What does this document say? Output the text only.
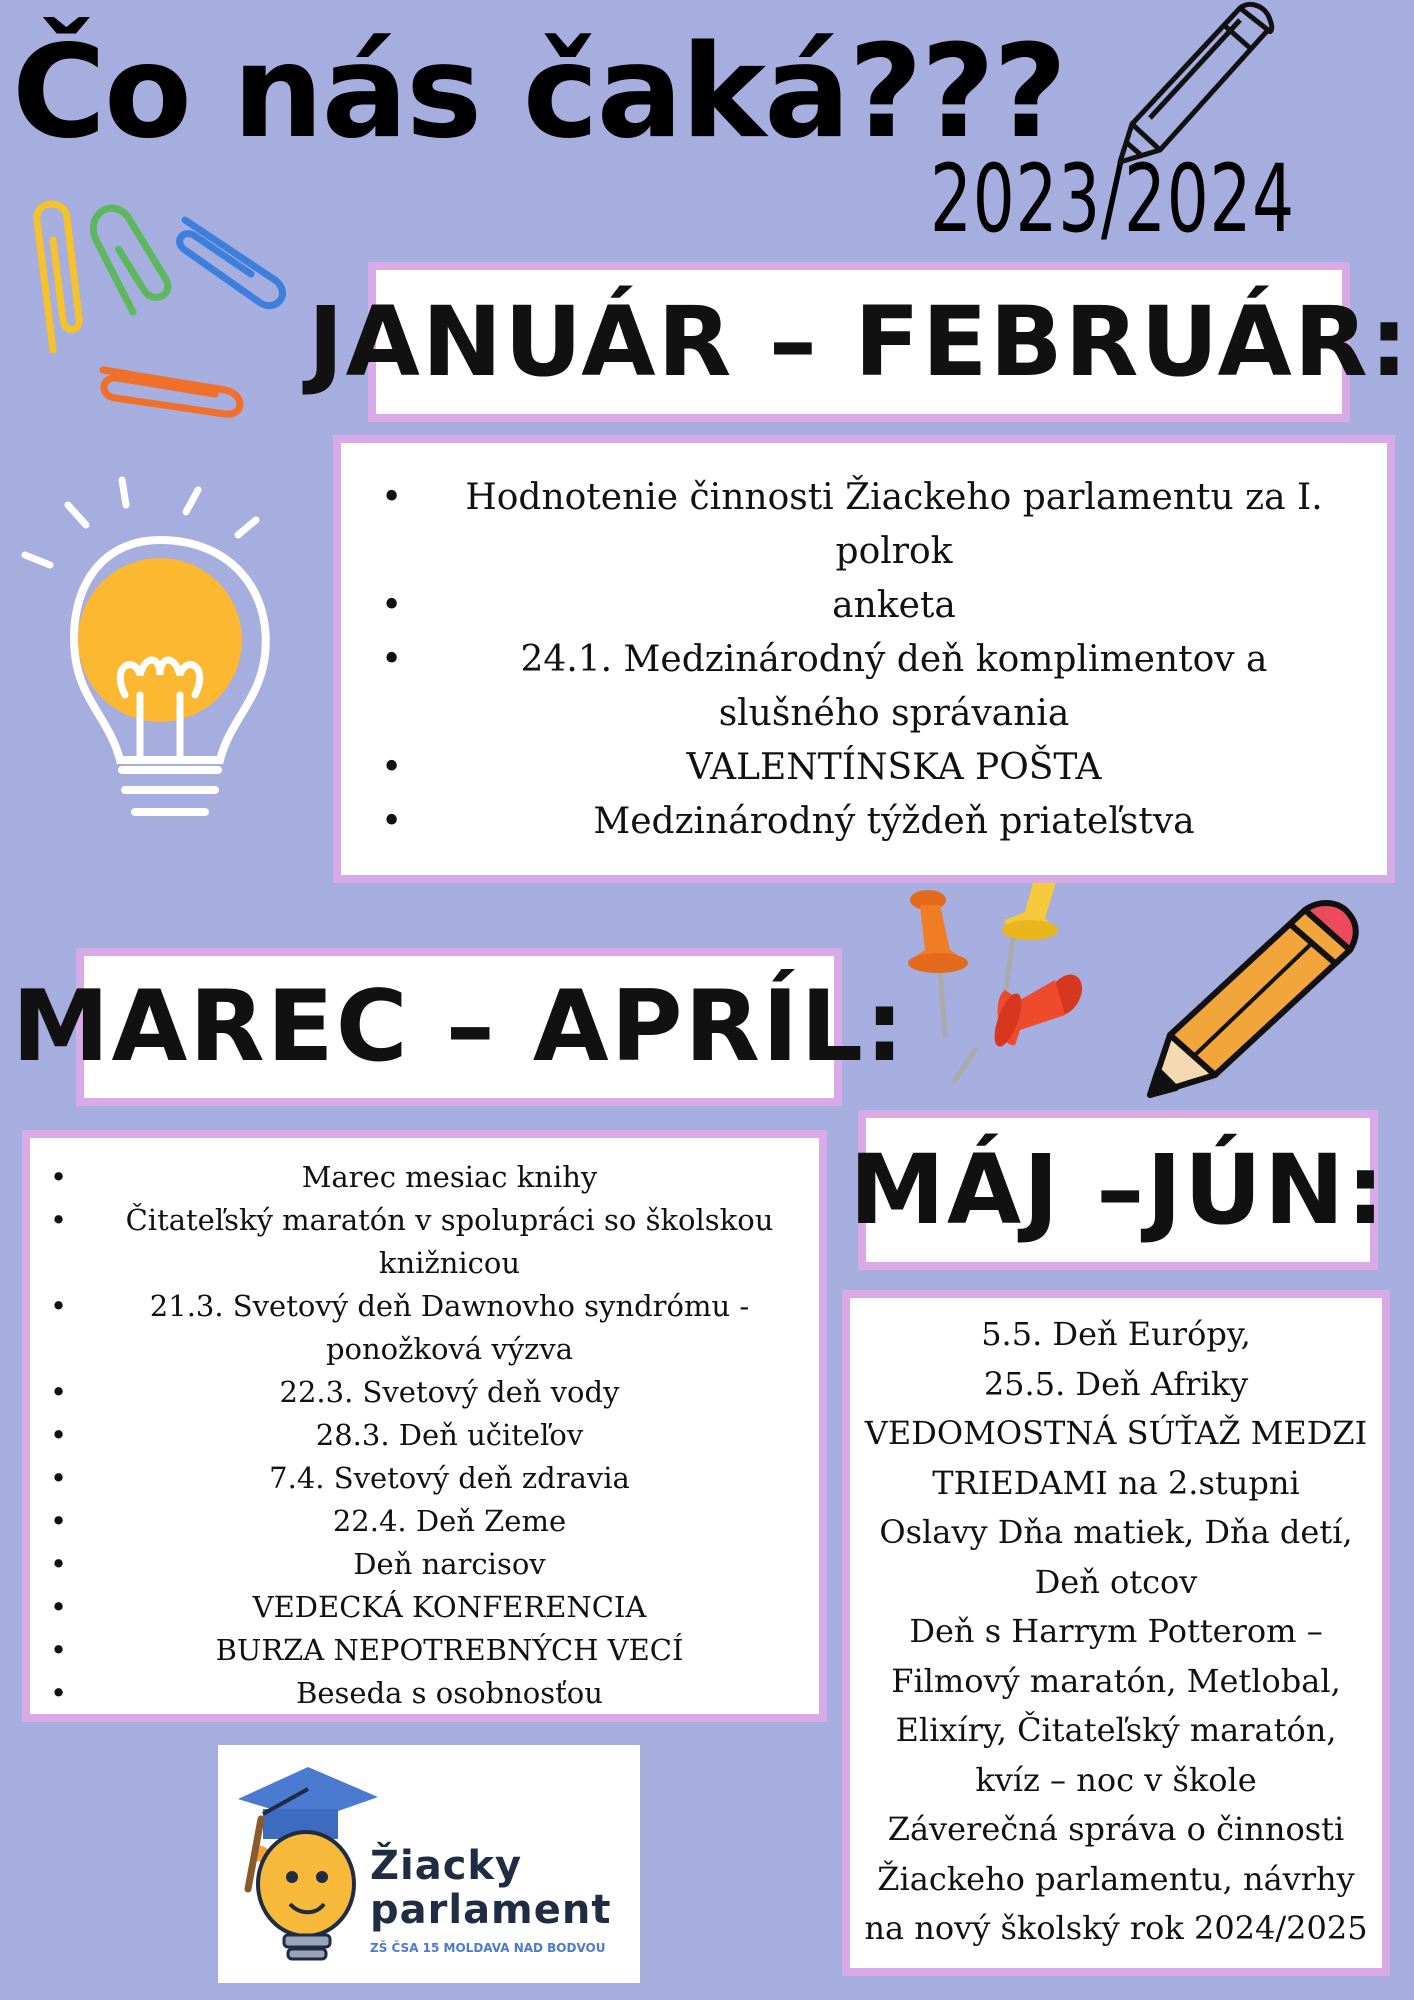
Čo nás čaká???
2023/2024
JANUÁR – FEBRUÁR:
• Hodnotenie činnosti Žiackeho parlamentu za I. polrok
• anketa
• 24.1. Medzinárodný deň komplimentov a slušného správania
• VALENTÍNSKA POŠTA
• Medzinárodný týždeň priateľstva
MAREC – APRÍL:
• Marec mesiac knihy
• Čitateľský maratón v spolupráci so školskou knižnicou
• 21.3. Svetový deň Dawnovho syndrómu - ponožková výzva
• 22.3. Svetový deň vody
• 28.3. Deň učiteľov
• 7.4. Svetový deň zdravia
• 22.4. Deň Zeme
• Deň narcisov
• VEDECKÁ KONFERENCIA
• BURZA NEPOTREBNÝCH VECÍ
• Beseda s osobnosťou
MÁJ –JÚN:

5.5. Deň Európy,

25.5. Deň Afriky

VEDOMOSTNÁ SÚŤAŽ MEDZI

TRIEDAMI na 2.stupni

Oslavy Dňa matiek, Dňa detí,

Deň otcov

Deň s Harrym Potterom –

Filmový maratón, Metlobal,

Elixíry, Čitateľský maratón,

kvíz – noc v škole

Záverečná správa o činnosti

Žiackeho parlamentu, návrhy

na nový školský rok 2024/2025

Žiacky
parlament
ZŠ ČSA 15 MOLDAVA NAD BODVOU
